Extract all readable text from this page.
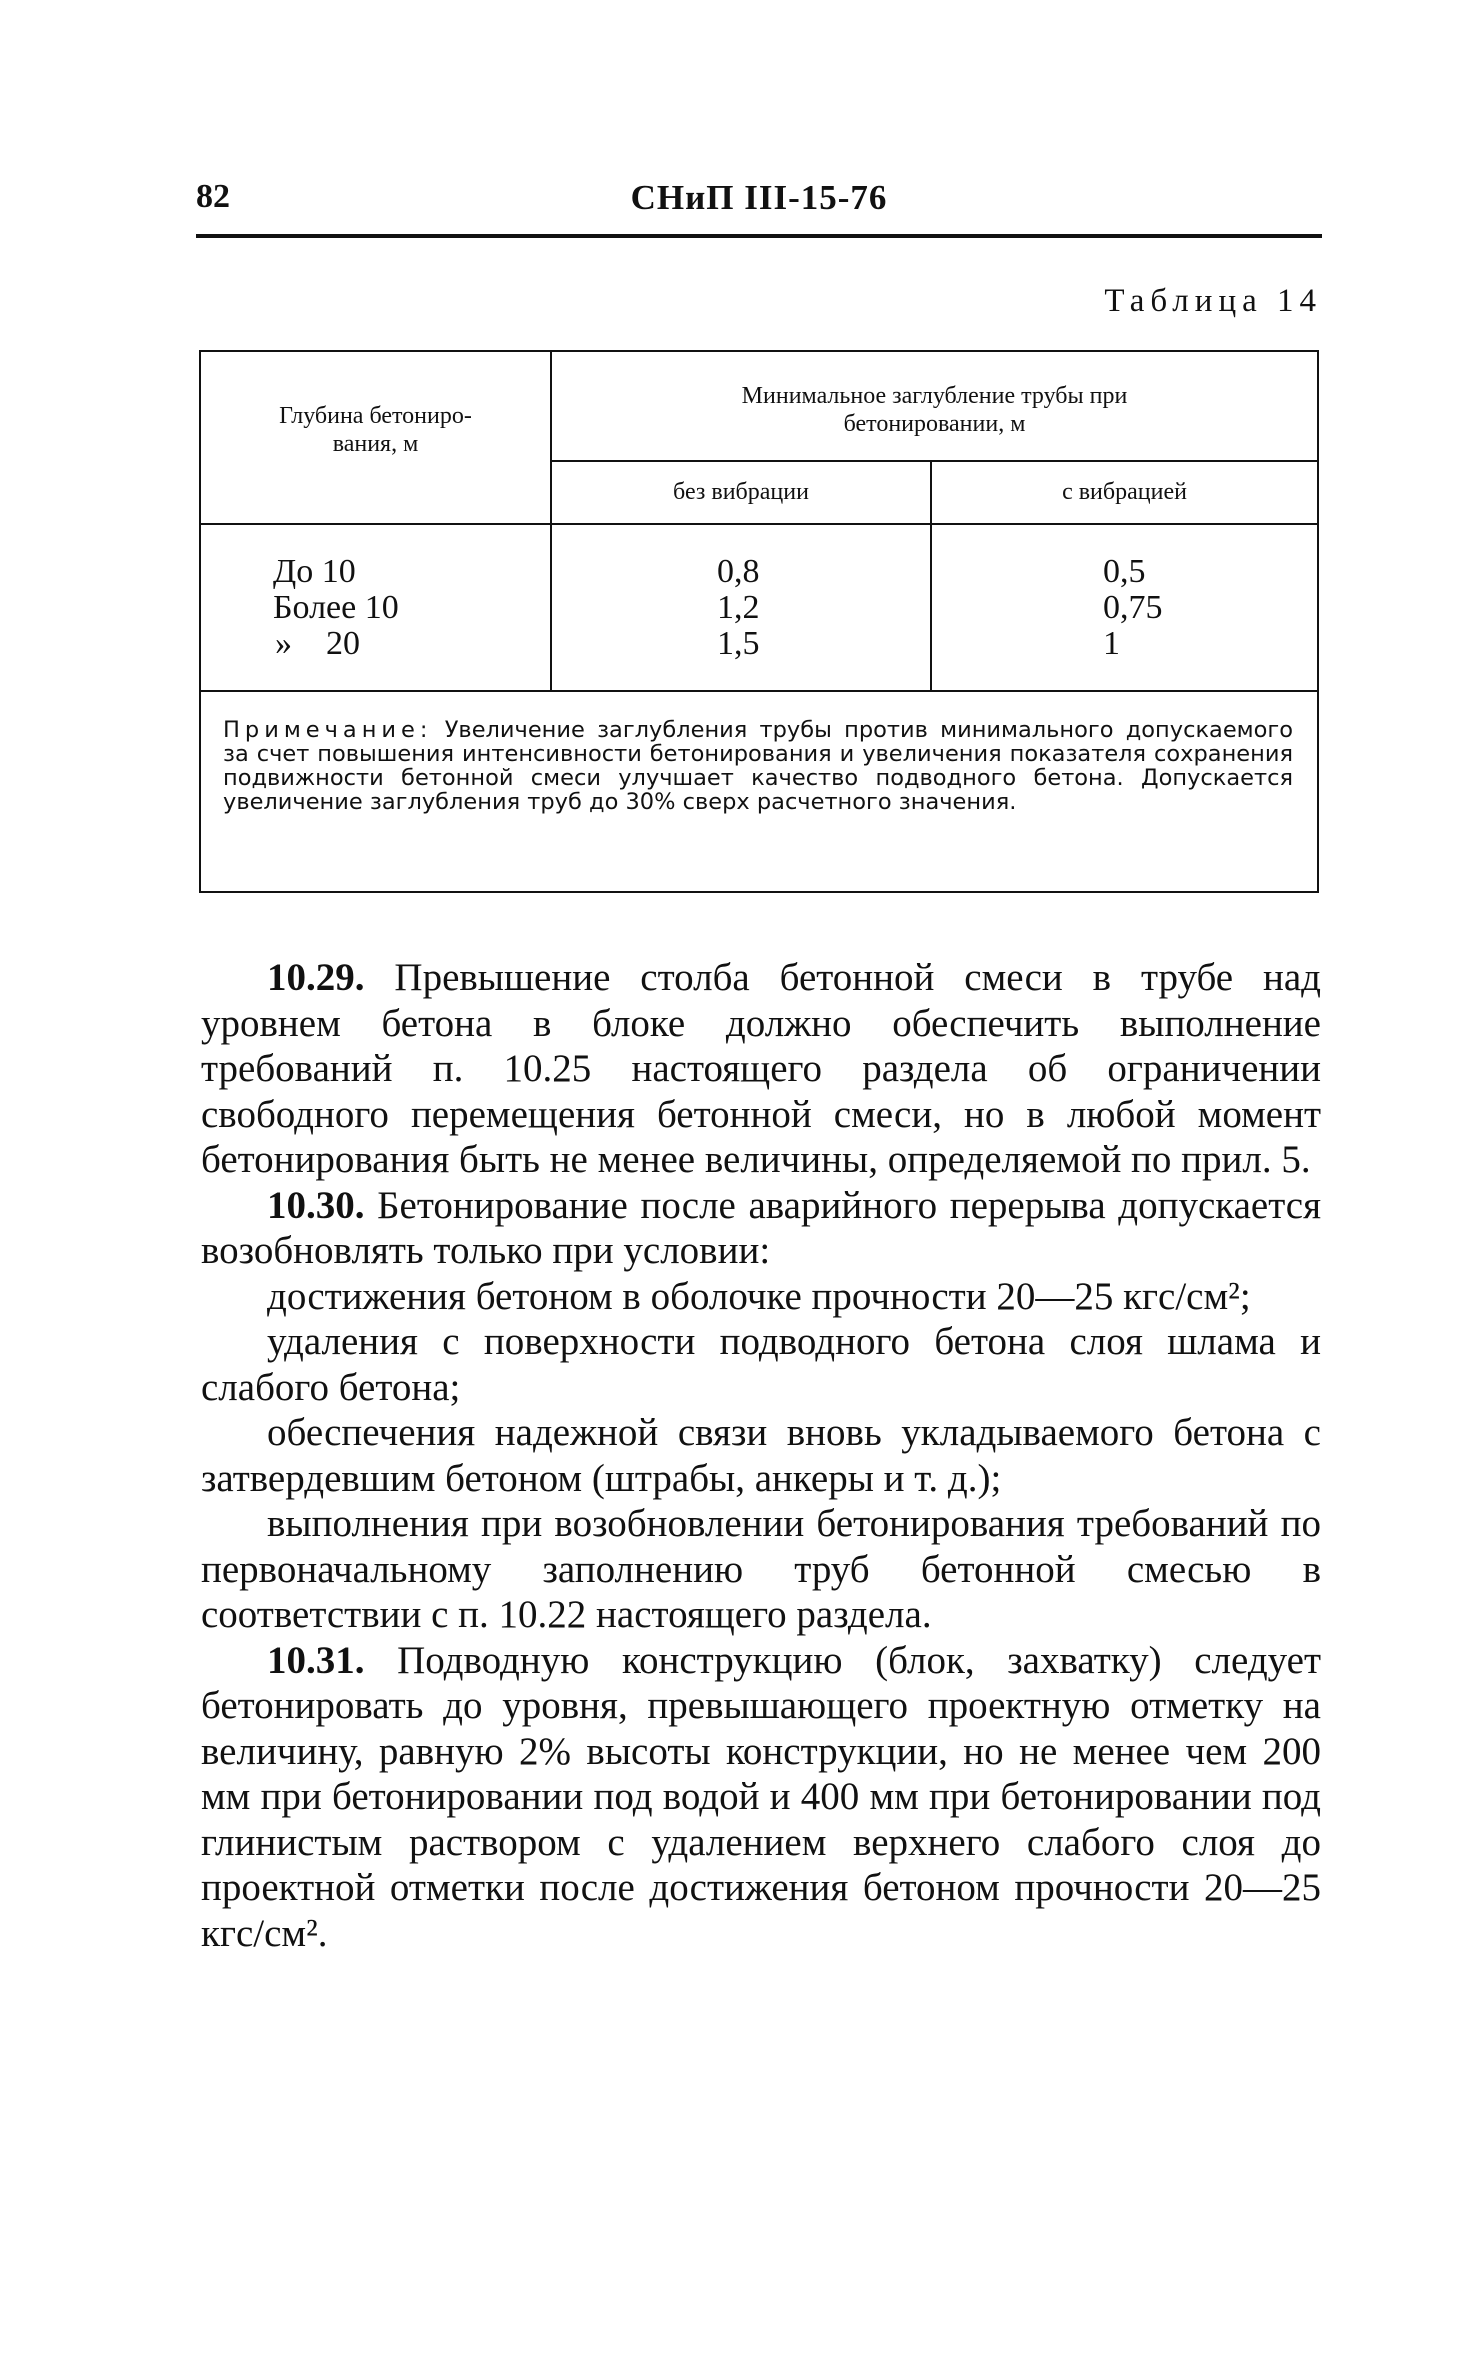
82	СНиП III-15-76
Таблица 14
Глубина бетониро-
вания, м
Минимальное заглубление трубы при
бетонировании, м
без вибрации	с вибрацией
До 10
Более 10
»    20
0,8
1,2
1,5
0,5
0,75
1
Примечание: Увеличение заглубления трубы против минимального допускаемого за счет повышения интенсивности бетонирования и увеличения показателя сохранения подвижности бетонной смеси улучшает качество подводного бетона. Допускается увеличение заглубления труб до 30% сверх расчетного значения.

10.29. Превышение столба бетонной смеси в трубе над уровнем бетона в блоке должно обеспечить выполнение требований п. 10.25 настоящего раздела об ограничении свободного перемещения бетонной смеси, но в любой момент бетонирования быть не менее величины, определяемой по прил. 5.

10.30. Бетонирование после аварийного перерыва допускается возобновлять только при условии:

достижения бетоном в оболочке прочности 20—25 кгс/см²;

удаления с поверхности подводного бетона слоя шлама и слабого бетона;

обеспечения надежной связи вновь укладываемого бетона с затвердевшим бетоном (штрабы, анкеры и т. д.);

выполнения при возобновлении бетонирования требований по первоначальному заполнению труб бетонной смесью в соответствии с п. 10.22 настоящего раздела.

10.31. Подводную конструкцию (блок, захватку) следует бетонировать до уровня, превышающего проектную отметку на величину, равную 2% высоты конструкции, но не менее чем 200 мм при бетонировании под водой и 400 мм при бетонировании под глинистым раствором с удалением верхнего слабого слоя до проектной отметки после достижения бетоном прочности 20—25 кгс/см².
